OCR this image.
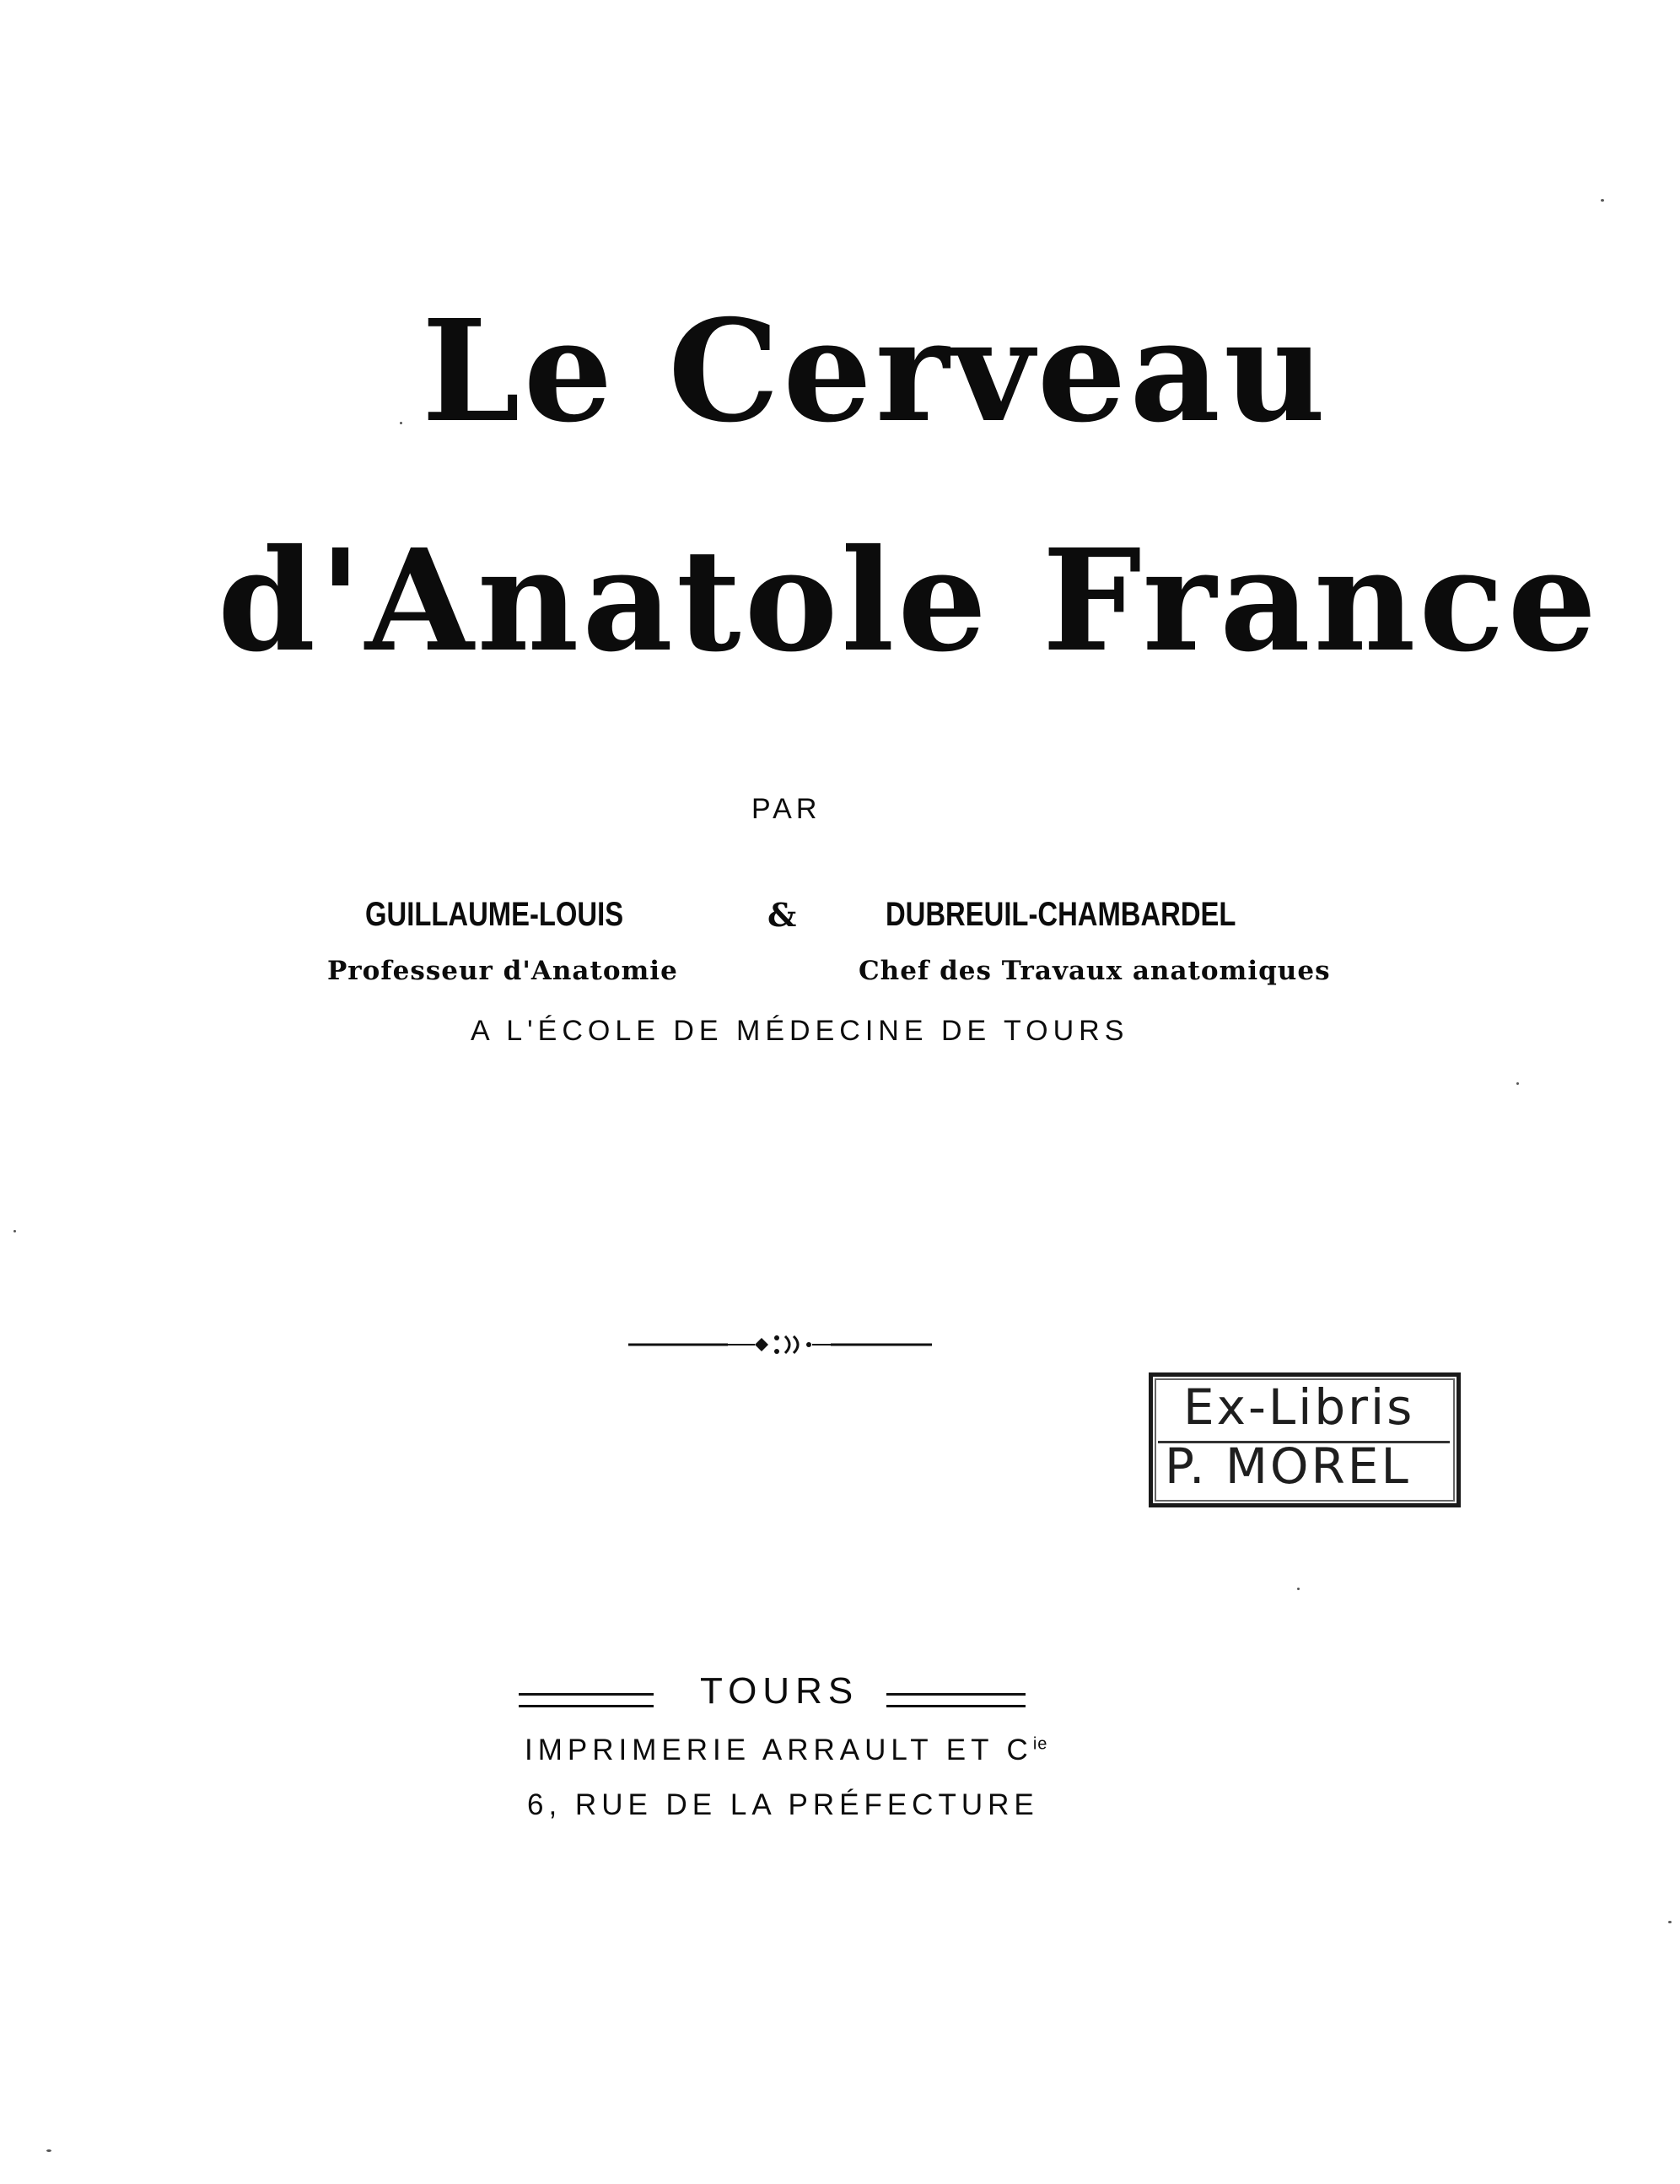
Le Cerveau
d'Anatole France
PAR
GUILLAUME-LOUIS	&	DUBREUIL-CHAMBARDEL
Professeur d'Anatomie	Chef des Travaux anatomiques
A L'ÉCOLE DE MÉDECINE DE TOURS
Ex-Libris
P. MOREL
TOURS
IMPRIMERIE ARRAULT ET $C^{ie}$
6, RUE DE LA PRÉFECTURE
